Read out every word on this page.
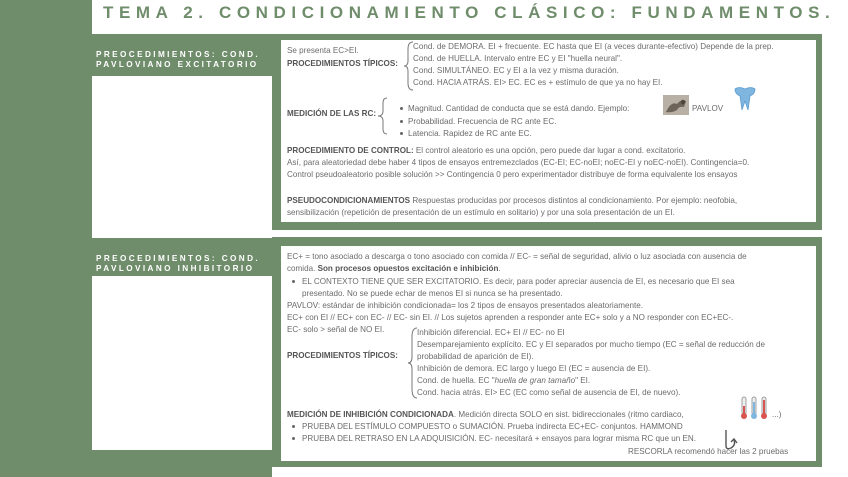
PREOCEDIMIENTOS: COND.
PAVLOVIANO EXCITATORIO
PREOCEDIMIENTOS: COND.
PAVLOVIANO INHIBITORIO
ANDREA GONZÁLEZ SANTOS
TEMA 2. CONDICIONAMIENTO CLÁSICO: FUNDAMENTOS.
Se presenta EC>EI.
PROCEDIMIENTOS TÍPICOS:
Cond. de DEMORA. EI + frecuente. EC hasta que EI (a veces durante-efectivo) Depende de la prep.
Cond. de HUELLA. Intervalo entre EC y EI "huella neural".
Cond. SIMULTÁNEO. EC y EI a la vez y misma duración.
Cond. HACIA ATRÁS. EI> EC. EC es + estímulo de que ya no hay EI.
MEDICIÓN DE LAS RC:
Magnitud. Cantidad de conducta que se está dando. Ejemplo:
Probabilidad. Frecuencia de RC ante EC.
Latencia. Rapidez de RC ante EC.
PAVLOV
PROCEDIMIENTO DE CONTROL: El control aleatorio es una opción, pero puede dar lugar a cond. excitatorio.
Así, para aleatoriedad debe haber 4 tipos de ensayos entremezclados (EC-EI; EC-noEI; noEC-EI y noEC-noEI). Contingencia=0.
Control pseudoaleatorio posible solución >> Contingencia 0 pero experimentador distribuye de forma equivalente los ensayos
PSEUDOCONDICIONAMIENTOS Respuestas producidas por procesos distintos al condicionamiento. Por ejemplo: neofobia,
sensibilización (repetición de presentación de un estímulo en solitario) y por una sola presentación de un EI.
EC+ = tono asociado a descarga o tono asociado con comida // EC- = señal de seguridad, alivio o luz asociada con ausencia de
comida. Son procesos opuestos excitación e inhibición.
EL CONTEXTO TIENE QUE SER EXCITATORIO. Es decir, para poder apreciar ausencia de EI, es necesario que EI sea
presentado. No se puede echar de menos EI si nunca se ha presentado.
PAVLOV: estándar de inhibición condicionada= los 2 tipos de ensayos presentados aleatoriamente.
EC+ con EI // EC+ con EC- // EC- sin EI. // Los sujetos aprenden a responder ante EC+ solo y a NO responder con EC+EC-.
EC- solo > señal de NO EI.
PROCEDIMIENTOS TÍPICOS:
Inhibición diferencial. EC+ EI // EC- no EI
Desemparejamiento explícito. EC y EI separados por mucho tiempo (EC = señal de reducción de
probabilidad de aparición de EI).
Inhibición de demora. EC largo y luego EI (EC = ausencia de EI).
Cond. de huella. EC "huella de gran tamaño" EI.
Cond. hacia atrás. EI> EC (EC como señal de ausencia de EI, de nuevo).
MEDICIÓN DE INHIBICIÓN CONDICIONADA. Medición directa SOLO en sist. bidireccionales (ritmo cardiaco,	...)
PRUEBA DEL ESTÍMULO COMPUESTO o SUMACIÓN. Prueba indirecta EC+EC- conjuntos. HAMMOND
PRUEBA DEL RETRASO EN LA ADQUISICIÓN. EC- necesitará + ensayos para lograr misma RC que un EN.
RESCORLA recomendó hacer las 2 pruebas
